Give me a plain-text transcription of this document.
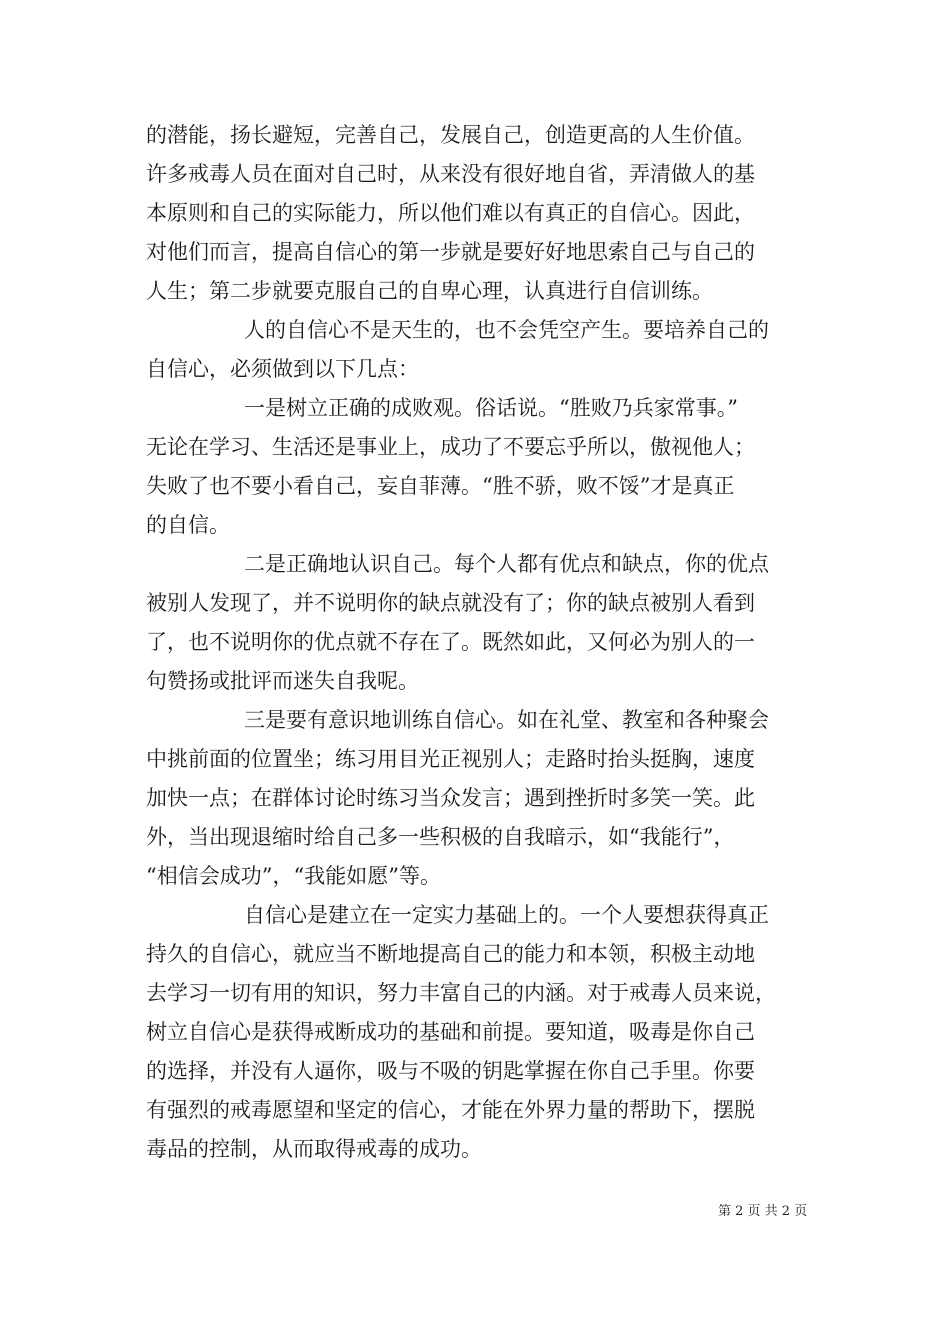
的潜能，扬长避短，完善自己，发展自己，创造更高的人生价值。
许多戒毒人员在面对自己时，从来没有很好地自省，弄清做人的基
本原则和自己的实际能力，所以他们难以有真正的自信心。因此，
对他们而言，提高自信心的第一步就是要好好地思索自己与自己的
人生；第二步就要克服自己的自卑心理，认真进行自信训练。
人的自信心不是天生的，也不会凭空产生。要培养自己的
自信心，必须做到以下几点：
一是树立正确的成败观。俗话说。“胜败乃兵家常事。”
无论在学习、生活还是事业上，成功了不要忘乎所以，傲视他人；
失败了也不要小看自己，妄自菲薄。“胜不骄，败不馁”才是真正
的自信。
二是正确地认识自己。每个人都有优点和缺点，你的优点
被别人发现了，并不说明你的缺点就没有了；你的缺点被别人看到
了，也不说明你的优点就不存在了。既然如此，又何必为别人的一
句赞扬或批评而迷失自我呢。
三是要有意识地训练自信心。如在礼堂、教室和各种聚会
中挑前面的位置坐；练习用目光正视别人；走路时抬头挺胸，速度
加快一点；在群体讨论时练习当众发言；遇到挫折时多笑一笑。此
外，当出现退缩时给自己多一些积极的自我暗示，如“我能行”，
“相信会成功”，“我能如愿”等。
自信心是建立在一定实力基础上的。一个人要想获得真正
持久的自信心，就应当不断地提高自己的能力和本领，积极主动地
去学习一切有用的知识，努力丰富自己的内涵。对于戒毒人员来说，
树立自信心是获得戒断成功的基础和前提。要知道，吸毒是你自己
的选择，并没有人逼你，吸与不吸的钥匙掌握在你自己手里。你要
有强烈的戒毒愿望和坚定的信心，才能在外界力量的帮助下，摆脱
毒品的控制，从而取得戒毒的成功。
第 2 页 共 2 页
